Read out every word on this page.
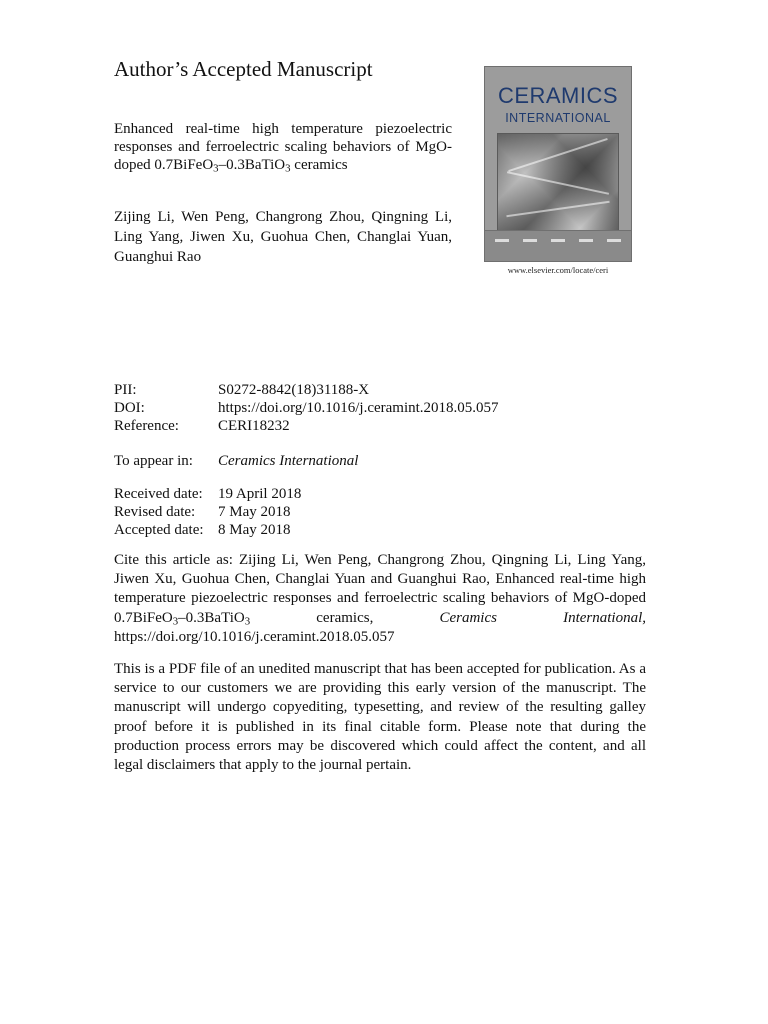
Author’s Accepted Manuscript
Enhanced real-time high temperature piezoelectric responses and ferroelectric scaling behaviors of MgO-doped 0.7BiFeO$_3$–0.3BaTiO$_3$ ceramics
Zijing Li, Wen Peng, Changrong Zhou, Qingning Li, Ling Yang, Jiwen Xu, Guohua Chen, Changlai Yuan, Guanghui Rao
CERAMICS
INTERNATIONAL
www.elsevier.com/locate/ceri
PII:	S0272-8842(18)31188-X
DOI:	https://doi.org/10.1016/j.ceramint.2018.05.057
Reference:	CERI18232
To appear in: Ceramics International
Received date: 19 April 2018
Revised date: 7 May 2018
Accepted date: 8 May 2018
Cite this article as: Zijing Li, Wen Peng, Changrong Zhou, Qingning Li, Ling Yang, Jiwen Xu, Guohua Chen, Changlai Yuan and Guanghui Rao, Enhanced real-time high temperature piezoelectric responses and ferroelectric scaling behaviors of MgO-doped 0.7BiFeO$_3$–0.3BaTiO$_3$ ceramics, Ceramics International, https://doi.org/10.1016/j.ceramint.2018.05.057
This is a PDF file of an unedited manuscript that has been accepted for publication. As a service to our customers we are providing this early version of the manuscript. The manuscript will undergo copyediting, typesetting, and review of the resulting galley proof before it is published in its final citable form. Please note that during the production process errors may be discovered which could affect the content, and all legal disclaimers that apply to the journal pertain.
